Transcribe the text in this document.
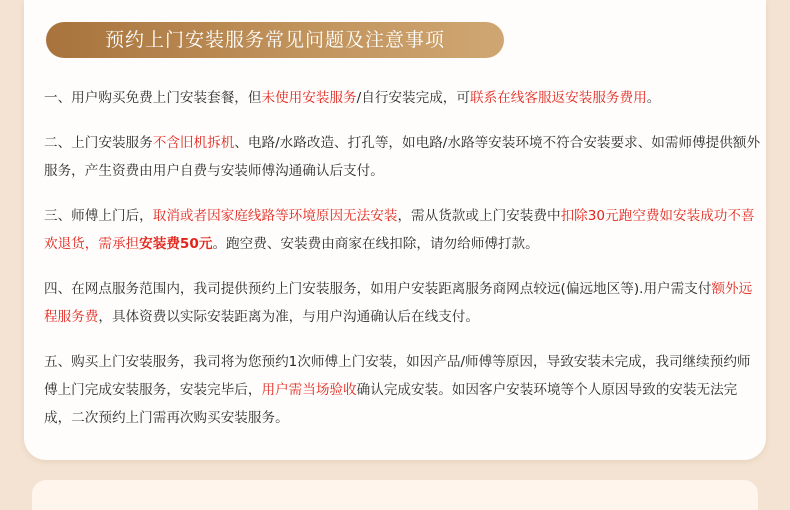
预约上门安装服务常见问题及注意事项

一、用户购买免费上门安装套餐，但未使用安装服务/自行安装完成，可联系在线客服返安装服务费用。

二、上门安装服务不含旧机拆机、电路/水路改造、打孔等，如电路/水路等安装环境不符合安装要求、如需师傅提供额外服务，产生资费由用户自费与安装师傅沟通确认后支付。

三、师傅上门后，取消或者因家庭线路等环境原因无法安装，需从货款或上门安装费中扣除30元跑空费如安装成功不喜欢退货，需承担安装费50元。跑空费、安装费由商家在线扣除，请勿给师傅打款。

四、在网点服务范围内，我司提供预约上门安装服务，如用户安装距离服务商网点较远(偏远地区等).用户需支付额外远程服务费，具体资费以实际安装距离为准，与用户沟通确认后在线支付。

五、购买上门安装服务，我司将为您预约1次师傅上门安装，如因产品/师傅等原因，导致安装未完成，我司继续预约师傅上门完成安装服务，安装完毕后，用户需当场验收确认完成安装。如因客户安装环境等个人原因导致的安装无法完成，二次预约上门需再次购买安装服务。
